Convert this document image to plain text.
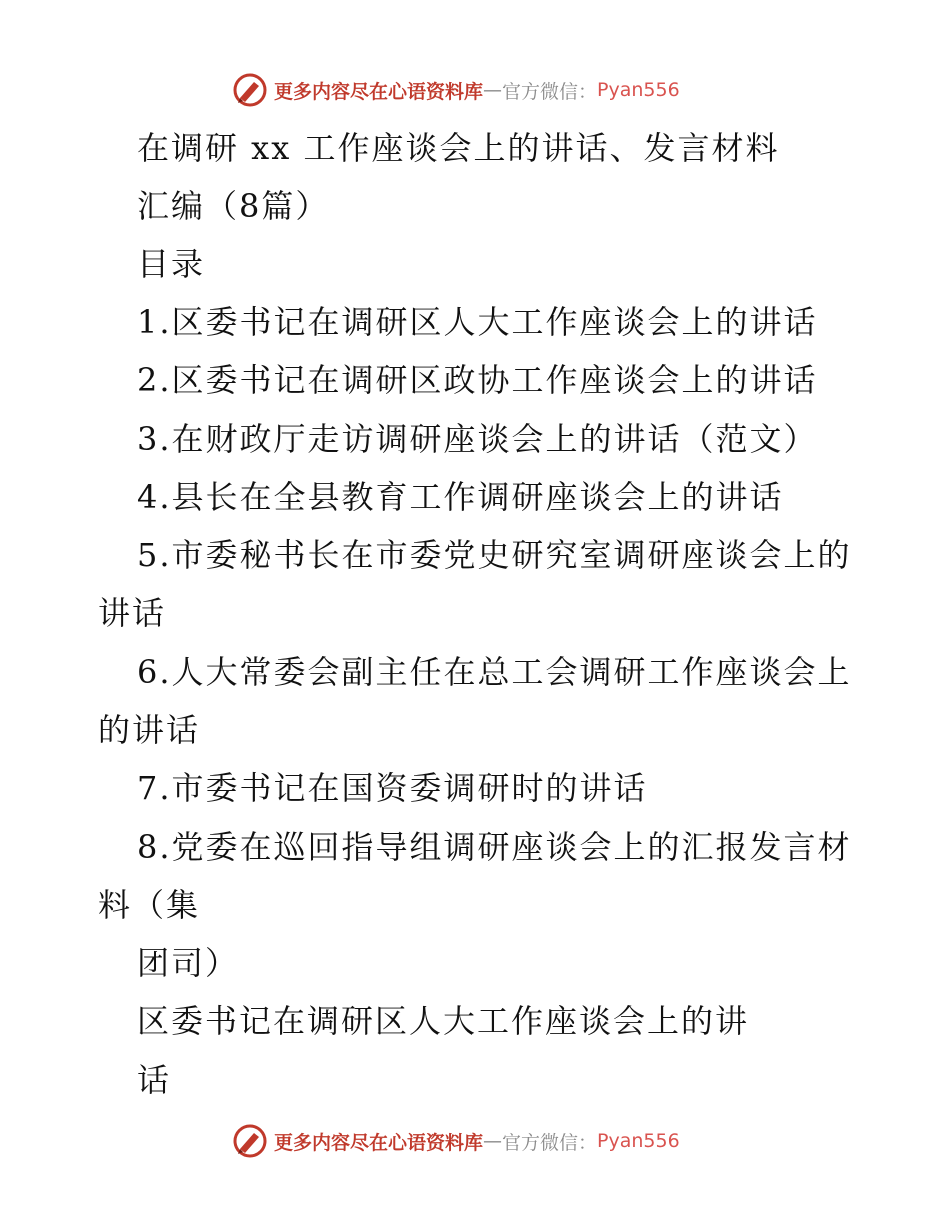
更多内容尽在心语资料库 — 官方微信： Pyan556
在调研 xx 工作座谈会上的讲话、发言材料
汇编（8篇）
目录
1.区委书记在调研区人大工作座谈会上的讲话
2.区委书记在调研区政协工作座谈会上的讲话
3.在财政厅走访调研座谈会上的讲话（范文）
4.县长在全县教育工作调研座谈会上的讲话
5.市委秘书长在市委党史研究室调研座谈会上的
讲话
6.人大常委会副主任在总工会调研工作座谈会上
的讲话
7.市委书记在国资委调研时的讲话
8.党委在巡回指导组调研座谈会上的汇报发言材
料（集
团司）
区委书记在调研区人大工作座谈会上的讲
话
更多内容尽在心语资料库 — 官方微信： Pyan556
